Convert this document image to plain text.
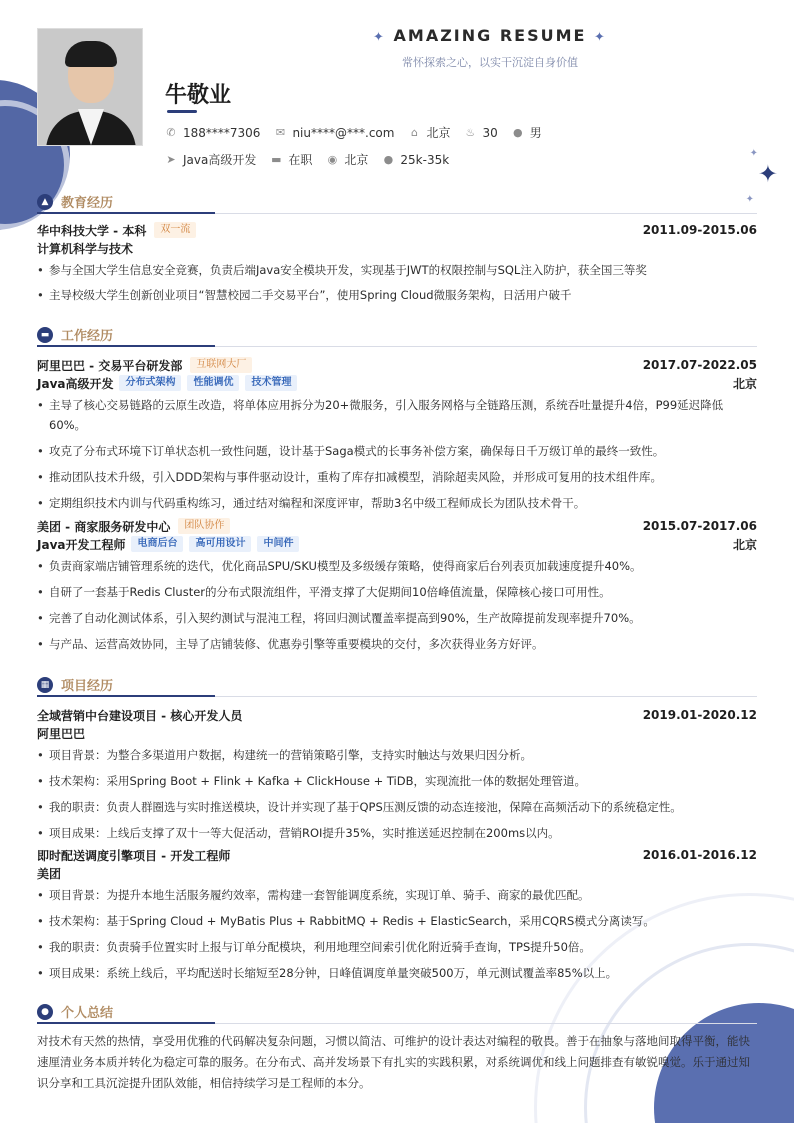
✦
✦
✦
✦ AMAZING RESUME ✦
常怀探索之心，以实干沉淀自身价值
牛敬业
✆ 188****7306 ✉ niu****@***.com ⌂ 北京 ♨ 30 ● 男
➤ Java高级开发 ▬ 在职 ◉ 北京 ● 25k-35k
▲ 教育经历
华中科技大学 - 本科	双一流	2011.09-2015.06
计算机科学与技术
• 参与全国大学生信息安全竞赛，负责后端Java安全模块开发，实现基于JWT的权限控制与SQL注入防护，获全国三等奖
• 主导校级大学生创新创业项目“智慧校园二手交易平台”，使用Spring Cloud微服务架构，日活用户破千
▬ 工作经历
阿里巴巴 - 交易平台研发部	互联网大厂	2017.07-2022.05
Java高级开发	分布式架构	性能调优	技术管理	北京
• 主导了核心交易链路的云原生改造，将单体应用拆分为20+微服务，引入服务网格与全链路压测，系统吞吐量提升4倍，P99延迟降低60%。
• 攻克了分布式环境下订单状态机一致性问题，设计基于Saga模式的长事务补偿方案，确保每日千万级订单的最终一致性。
• 推动团队技术升级，引入DDD架构与事件驱动设计，重构了库存扣减模型，消除超卖风险，并形成可复用的技术组件库。
• 定期组织技术内训与代码重构练习，通过结对编程和深度评审，帮助3名中级工程师成长为团队技术骨干。
美团 - 商家服务研发中心	团队协作	2015.07-2017.06
Java开发工程师	电商后台	高可用设计	中间件	北京
• 负责商家端店铺管理系统的迭代，优化商品SPU/SKU模型及多级缓存策略，使得商家后台列表页加载速度提升40%。
• 自研了一套基于Redis Cluster的分布式限流组件，平滑支撑了大促期间10倍峰值流量，保障核心接口可用性。
• 完善了自动化测试体系，引入契约测试与混沌工程，将回归测试覆盖率提高到90%，生产故障提前发现率提升70%。
• 与产品、运营高效协同，主导了店铺装修、优惠券引擎等重要模块的交付，多次获得业务方好评。
▦ 项目经历
全域营销中台建设项目 - 核心开发人员	2019.01-2020.12
阿里巴巴
• 项目背景：为整合多渠道用户数据，构建统一的营销策略引擎，支持实时触达与效果归因分析。
• 技术架构：采用Spring Boot + Flink + Kafka + ClickHouse + TiDB，实现流批一体的数据处理管道。
• 我的职责：负责人群圈选与实时推送模块，设计并实现了基于QPS压测反馈的动态连接池，保障在高频活动下的系统稳定性。
• 项目成果：上线后支撑了双十一等大促活动，营销ROI提升35%，实时推送延迟控制在200ms以内。
即时配送调度引擎项目 - 开发工程师	2016.01-2016.12
美团
• 项目背景：为提升本地生活服务履约效率，需构建一套智能调度系统，实现订单、骑手、商家的最优匹配。
• 技术架构：基于Spring Cloud + MyBatis Plus + RabbitMQ + Redis + ElasticSearch，采用CQRS模式分离读写。
• 我的职责：负责骑手位置实时上报与订单分配模块，利用地理空间索引优化附近骑手查询，TPS提升50倍。
• 项目成果：系统上线后，平均配送时长缩短至28分钟，日峰值调度单量突破500万，单元测试覆盖率85%以上。
● 个人总结
对技术有天然的热情，享受用优雅的代码解决复杂问题，习惯以简洁、可维护的设计表达对编程的敬畏。善于在抽象与落地间取得平衡，能快速厘清业务本质并转化为稳定可靠的服务。在分布式、高并发场景下有扎实的实践积累，对系统调优和线上问题排查有敏锐嗅觉。乐于通过知识分享和工具沉淀提升团队效能，相信持续学习是工程师的本分。
